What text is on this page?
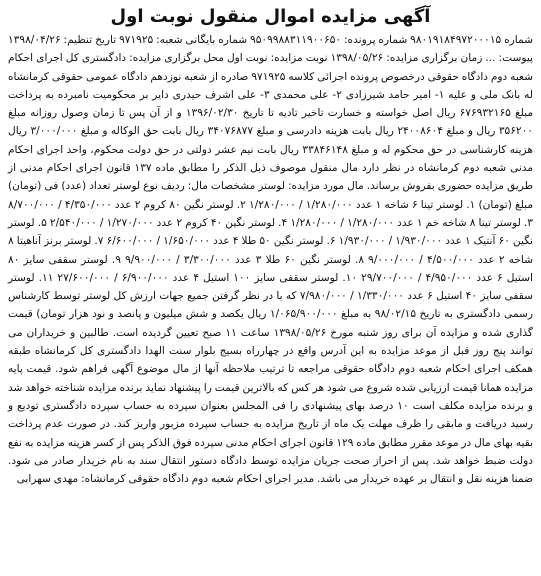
آگهی مزایده اموال منقول نوبت اول

شماره ۹۸۰۱۹۱۸۴۹۷۲۰۰۰۱۵ شماره پرونده: ۹۵۰۹۹۸۸۳۱۱۹۰۰۶۵۰ شماره بایگانی شعبه: ۹۷۱۹۲۵ تاریخ تنظیم: ۱۳۹۸/۰۴/۲۶ پیوست: ... زمان برگزاری مزایده: ۱۳۹۸/۰۵/۲۶ نوبت مزایده: نوبت اول محل برگزاری مزایده: دادگستری کل اجرای احکام شعبه دوم دادگاه حقوقی درخصوص پرونده اجرائی کلاسه ۹۷۱۹۲۵ صادره از شعبه نوزدهم دادگاه عمومی حقوقی کرمانشاه له بانک ملی و علیه ۱- امیر حامد شیرزادی ۲- علی محمدی ۳- علی اشرف حیدری دایر بر محکومیت نامبرده به پرداخت مبلغ ۶۷۶۹۳۲۱۶۵ ریال اصل خواسته و خسارت تاخیر تادیه تا تاریخ ۱۳۹۶/۰۲/۳۰ و از آن پس تا زمان وصول روزانه مبلغ ۳۵۶۲۰۰ ریال و مبلغ ۲۴۰۰۸۶۰۴ ریال بابت هزینه دادرسی و مبلغ ۳۴۰۷۶۸۷۷ ریال بابت حق الوکاله و مبلغ ۳/۰۰۰/۰۰۰ ریال هزینه کارشناسی در حق محکوم له و مبلغ ۳۳۸۴۶۱۴۸ ریال بابت نیم عشر دولتی در حق دولت محکوم، واحد اجرای احکام مدنی شعبه دوم کرمانشاه در نظر دارد مال منقول موصوف ذیل الذکر را مطابق ماده ۱۳۷ قانون اجرای احکام مدنی از طریق مزایده حضوری بفروش برساند. مال مورد مزایده: لوستر مشخصات مال: ردیف نوع لوستر تعداد (عدد) فی (تومان) مبلغ (تومان) ۱. لوستر تینا ۶ شاخه ۱ عدد ۱/۲۸۰/۰۰۰ / ۱/۲۸۰/۰۰۰ ۲. لوستر نگین ۸۰ کروم ۲ عدد ۴/۳۵۰/۰۰۰ / ۸/۷۰۰/۰۰۰ ۳. لوستر تینا ۸ شاخه خم ۱ عدد ۱/۲۸۰/۰۰۰ / ۱/۲۸۰/۰۰۰ ۴. لوستر نگین ۴۰ کروم ۲ عدد ۱/۲۷۰/۰۰۰ / ۲/۵۴۰/۰۰۰ ۵. لوستر نگین ۶۰ آنتیک ۱ عدد ۱/۹۳۰/۰۰۰ / ۱/۹۳۰/۰۰۰ ۶. لوستر نگین ۵۰ طلا ۴ عدد ۱/۶۵۰/۰۰۰ / ۶/۶۰۰/۰۰۰ ۷. لوستر برنز آناهیتا ۸ شاخه ۲ عدد ۴/۵۰۰/۰۰۰ / ۹/۰۰۰/۰۰۰ ۸. لوستر نگین ۶۰ طلا ۳ عدد ۳/۳۰۰/۰۰۰ / ۹/۹۰۰/۰۰۰ ۹. لوستر سقفی سایز ۸۰ استیل ۶ عدد ۴/۹۵۰/۰۰۰ / ۲۹/۷۰۰/۰۰۰ ۱۰. لوستر سقفی سایز ۱۰۰ استیل ۴ عدد ۶/۹۰۰/۰۰۰ / ۲۷/۶۰۰/۰۰۰ ۱۱. لوستر سقفی سایز ۴۰ استیل ۶ عدد ۱/۳۳۰/۰۰۰ / ۷/۹۸۰/۰۰۰ که با در نظر گرفتن جمیع جهات ارزش کل لوستر توسط کارشناس رسمی دادگستری به تاریخ ۹۸/۰۲/۱۵ به مبلغ ۱/۰۶۵/۹۰۰/۰۰۰ ریال یکصد و شش میلیون و پانصد و نود هزار تومان) قیمت گذاری شده و مزایده آن برای روز شنبه مورخ ۱۳۹۸/۰۵/۲۶ ساعت ۱۱ صبح تعیین گردیده است. طالبین و خریداران می توانند پنج روز قبل از موعد مزایده به این آدرس واقع در چهارراه بسیج بلوار سنت الهدا دادگستری کل کرمانشاه طبقه همکف اجرای احکام شعبه دوم دادگاه حقوقی مراجعه تا ترتیب ملاحظه آنها از مال موضوع آگهی فراهم شود. قیمت پایه مزایده همانا قیمت ارزیابی شده شروع می شود هر کس که بالاترین قیمت را پیشنهاد نماید برنده مزایده شناخته خواهد شد و برنده مزایده مکلف است ۱۰ درصد بهای پیشنهادی را فی المجلس بعنوان سپرده به حساب سپرده دادگستری تودیع و رسید دریافت و مابقی را ظرف مهلت یک ماه از تاریخ مزایده به حساب سپرده مزبور واریز کند. در صورت عدم پرداخت بقیه بهای مال در موعد مقرر مطابق ماده ۱۲۹ قانون اجرای احکام مدنی سپرده فوق الذکر پس از کسر هزینه مزایده به نفع دولت ضبط خواهد شد. پس از احراز صحت جریان مزایده توسط دادگاه دستور انتقال سند به نام خریدار صادر می شود. ضمنا هزینه نقل و انتقال بر عهده خریدار می باشد. مدیر اجرای احکام شعبه دوم دادگاه حقوقی کرمانشاه: مهدی سهرابی
